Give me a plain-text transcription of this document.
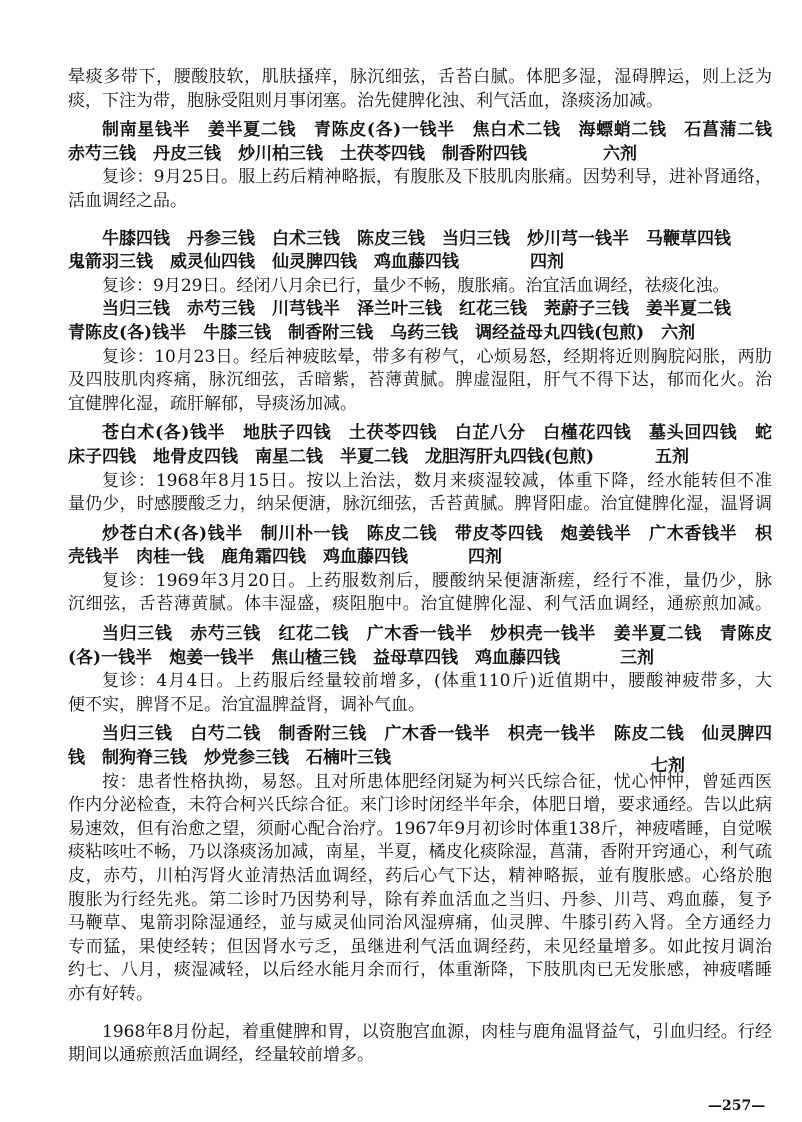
晕痰多带下，腰酸肢软，肌肤搔痒，脉沉细弦，舌苔白腻。体肥多湿，湿碍脾运，则上泛为
痰，下注为带，胞脉受阻则月事闭塞。治先健脾化浊、利气活血，涤痰汤加减。
制南星钱半　姜半夏二钱　青陈皮(各)一钱半　焦白术二钱　海螵蛸二钱　石菖蒲二钱
赤芍三钱　丹皮三钱　炒川柏三钱　土茯苓四钱　制香附四钱	六剂
复诊：9月25日。服上药后精神略振，有腹胀及下肢肌肉胀痛。因势利导，进补肾通络，
活血调经之品。
牛膝四钱　丹参三钱　白术三钱　陈皮三钱　当归三钱　炒川芎一钱半　马鞭草四钱
鬼箭羽三钱　威灵仙四钱　仙灵脾四钱　鸡血藤四钱	四剂
复诊：9月29日。经闭八月余已行，量少不畅，腹胀痛。治宜活血调经，祛痰化浊。
当归三钱　赤芍三钱　川芎钱半　泽兰叶三钱　红花三钱　茺蔚子三钱　姜半夏二钱
青陈皮(各)钱半　牛膝三钱　制香附三钱　乌药三钱　调经益母丸四钱(包煎)　六剂
复诊：10月23日。经后神疲眩晕，带多有秽气，心烦易怒，经期将近则胸脘闷胀，两肋
及四肢肌肉疼痛，脉沉细弦，舌暗紫，苔薄黄腻。脾虚湿阻，肝气不得下达，郁而化火。治
宜健脾化湿，疏肝解郁，导痰汤加减。
苍白术(各)钱半　地肤子四钱　土茯苓四钱　白芷八分　白槿花四钱　墓头回四钱　蛇
床子四钱　地骨皮四钱　南星二钱　半夏二钱　龙胆泻肝丸四钱(包煎)	五剂
复诊：1968年8月15日。按以上治法，数月来痰湿较减，体重下降，经水能转但不准
量仍少，时感腰酸乏力，纳呆便溏，脉沉细弦，舌苔黄腻。脾肾阳虚。治宜健脾化湿，温肾调
炒苍白术(各)钱半　制川朴一钱　陈皮二钱　带皮苓四钱　炮姜钱半　广木香钱半　枳
壳钱半　肉桂一钱　鹿角霜四钱　鸡血藤四钱	四剂
复诊：1969年3月20日。上药服数剂后，腰酸纳呆便溏渐瘥，经行不准，量仍少，脉
沉细弦，舌苔薄黄腻。体丰湿盛，痰阻胞中。治宜健脾化湿、利气活血调经，通瘀煎加减。
当归三钱　赤芍三钱　红花二钱　广木香一钱半　炒枳壳一钱半　姜半夏二钱　青陈皮
(各)一钱半　炮姜一钱半　焦山楂三钱　益母草四钱　鸡血藤四钱	三剂
复诊：4月4日。上药服后经量较前增多，(体重110斤)近值期中，腰酸神疲带多，大
便不实，脾肾不足。治宜温脾益肾，调补气血。
当归三钱　白芍二钱　制香附三钱　广木香一钱半　枳壳一钱半　陈皮二钱　仙灵脾四
钱　制狗脊三钱　炒党参三钱　石楠叶三钱	七剂
按：患者性格执拗，易怒。且对所患体肥经闭疑为柯兴氏综合征，忧心忡忡，曾延西医
作内分泌检查，未符合柯兴氏综合征。来门诊时闭经半年余，体肥日增，要求通经。告以此病
易速效，但有治愈之望，须耐心配合治疗。1967年9月初诊时体重138斤，神疲嗜睡，自觉喉
痰粘咳吐不畅，乃以涤痰汤加减，南星，半夏，橘皮化痰除湿，菖蒲，香附开窍通心，利气疏
皮，赤芍，川柏泻肾火並清热活血调经，药后心气下达，精神略振，並有腹胀感。心络於胞
腹胀为行经先兆。第二诊时乃因势利导，除有养血活血之当归、丹参、川芎、鸡血藤，复予
马鞭草、鬼箭羽除湿通经，並与威灵仙同治风湿痹痛，仙灵脾、牛膝引药入肾。全方通经力
专而猛，果使经转；但因肾水亏乏，虽继进利气活血调经药，未见经量增多。如此按月调治
约七、八月，痰湿减轻，以后经水能月余而行，体重渐降，下肢肌肉已无发胀感，神疲嗜睡
亦有好转。
1968年8月份起，着重健脾和胃，以资胞宫血源，肉桂与鹿角温肾益气，引血归经。行经
期间以通瘀煎活血调经，经量较前增多。
—257—
